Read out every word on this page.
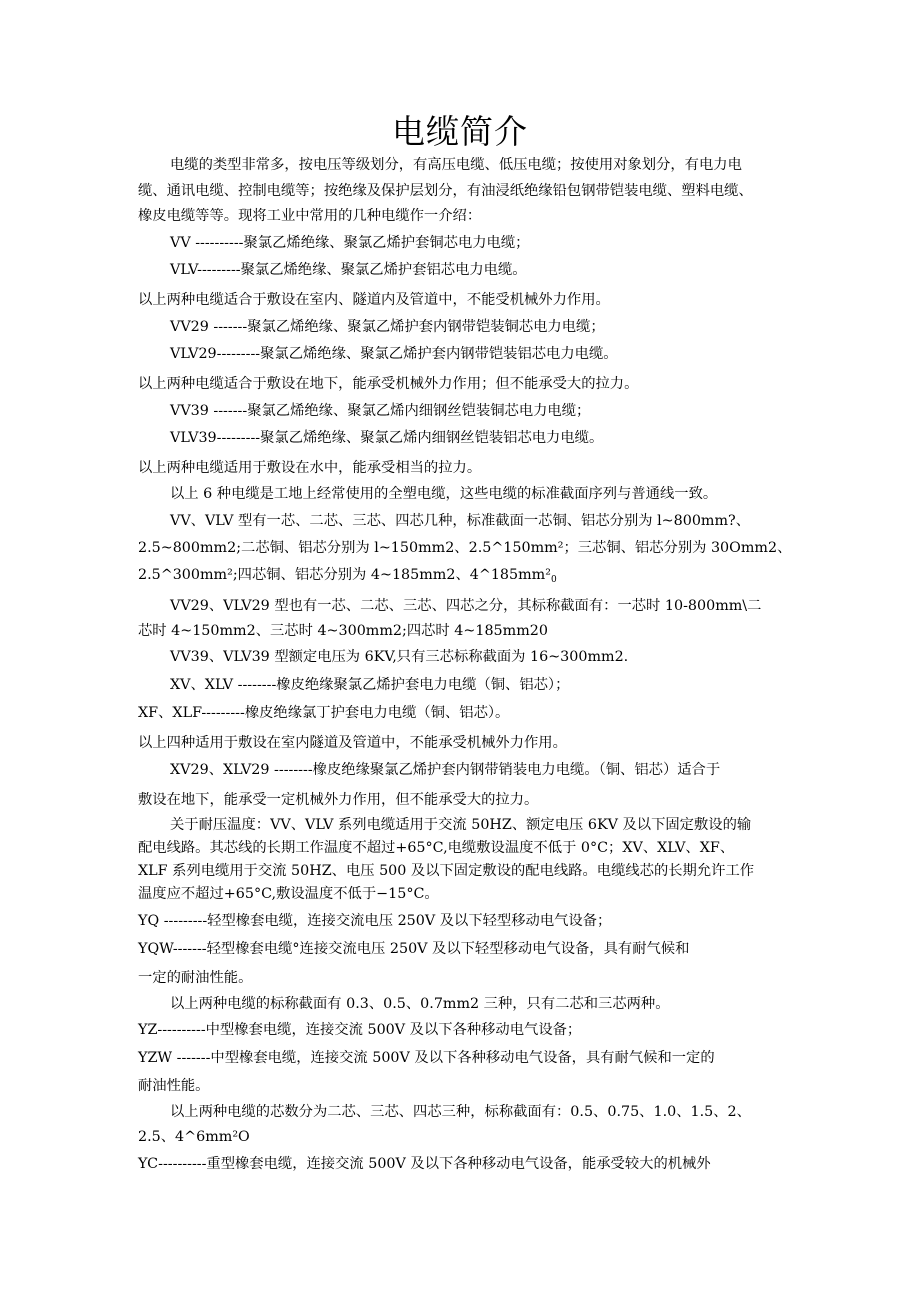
电缆简介
电缆的类型非常多，按电压等级划分，有高压电缆、低压电缆；按使用对象划分，有电力电
缆、通讯电缆、控制电缆等；按绝缘及保护层划分，有油浸纸绝缘铅包钢带铠装电缆、塑料电缆、
橡皮电缆等等。现将工业中常用的几种电缆作一介绍：
VV ----------聚氯乙烯绝缘、聚氯乙烯护套铜芯电力电缆；
VLV---------聚氯乙烯绝缘、聚氯乙烯护套铝芯电力电缆。
以上两种电缆适合于敷设在室内、隧道内及管道中，不能受机械外力作用。
VV29 -------聚氯乙烯绝缘、聚氯乙烯护套内钢带铠装铜芯电力电缆；
VLV29---------聚氯乙烯绝缘、聚氯乙烯护套内钢带铠装铝芯电力电缆。
以上两种电缆适合于敷设在地下，能承受机械外力作用；但不能承受大的拉力。
VV39 -------聚氯乙烯绝缘、聚氯乙烯内细钢丝铠装铜芯电力电缆；
VLV39---------聚氯乙烯绝缘、聚氯乙烯内细钢丝铠装铝芯电力电缆。
以上两种电缆适用于敷设在水中，能承受相当的拉力。
以上 6 种电缆是工地上经常使用的全塑电缆，这些电缆的标准截面序列与普通线一致。
VV、VLV 型有一芯、二芯、三芯、四芯几种，标准截面一芯铜、铝芯分别为 l~800mm?、
2.5~800mm2;二芯铜、铝芯分别为 l~150mm2、2.5^150mm²；三芯铜、铝芯分别为 30Omm2、
2.5^300mm²;四芯铜、铝芯分别为 4~185mm2、$4\^{}185mm^2_0$
VV29、VLV29 型也有一芯、二芯、三芯、四芯之分，其标称截面有：一芯时 10-800mm\二
芯时 4~150mm2、三芯时 4~300mm2;四芯时 4~185mm20
VV39、VLV39 型额定电压为 6KV,只有三芯标称截面为 16~300mm2.
XV、XLV --------橡皮绝缘聚氯乙烯护套电力电缆（铜、铝芯）；
XF、XLF---------橡皮绝缘氯丁护套电力电缆（铜、铝芯）。
以上四种适用于敷设在室内隧道及管道中，不能承受机械外力作用。
XV29、XLV29 --------橡皮绝缘聚氯乙烯护套内钢带销装电力电缆。（铜、铝芯）适合于
敷设在地下，能承受一定机械外力作用，但不能承受大的拉力。
关于耐压温度：VV、VLV 系列电缆适用于交流 50HZ、额定电压 6KV 及以下固定敷设的输
配电线路。其芯线的长期工作温度不超过+65°C,电缆敷设温度不低于 0°C；XV、XLV、XF、
XLF 系列电缆用于交流 50HZ、电压 500 及以下固定敷设的配电线路。电缆线芯的长期允许工作
温度应不超过+65°C,敷设温度不低于−15°C。
YQ ---------轻型橡套电缆，连接交流电压 250V 及以下轻型移动电气设备；
YQW-------轻型橡套电缆°连接交流电压 250V 及以下轻型移动电气设备，具有耐气候和
一定的耐油性能。
以上两种电缆的标称截面有 0.3、0.5、0.7mm2 三种，只有二芯和三芯两种。
YZ----------中型橡套电缆，连接交流 500V 及以下各种移动电气设备；
YZW -------中型橡套电缆，连接交流 500V 及以下各种移动电气设备，具有耐气候和一定的
耐油性能。
以上两种电缆的芯数分为二芯、三芯、四芯三种，标称截面有：0.5、0.75、1.0、1.5、2、
2.5、4^6mm²O
YC----------重型橡套电缆，连接交流 500V 及以下各种移动电气设备，能承受较大的机械外
